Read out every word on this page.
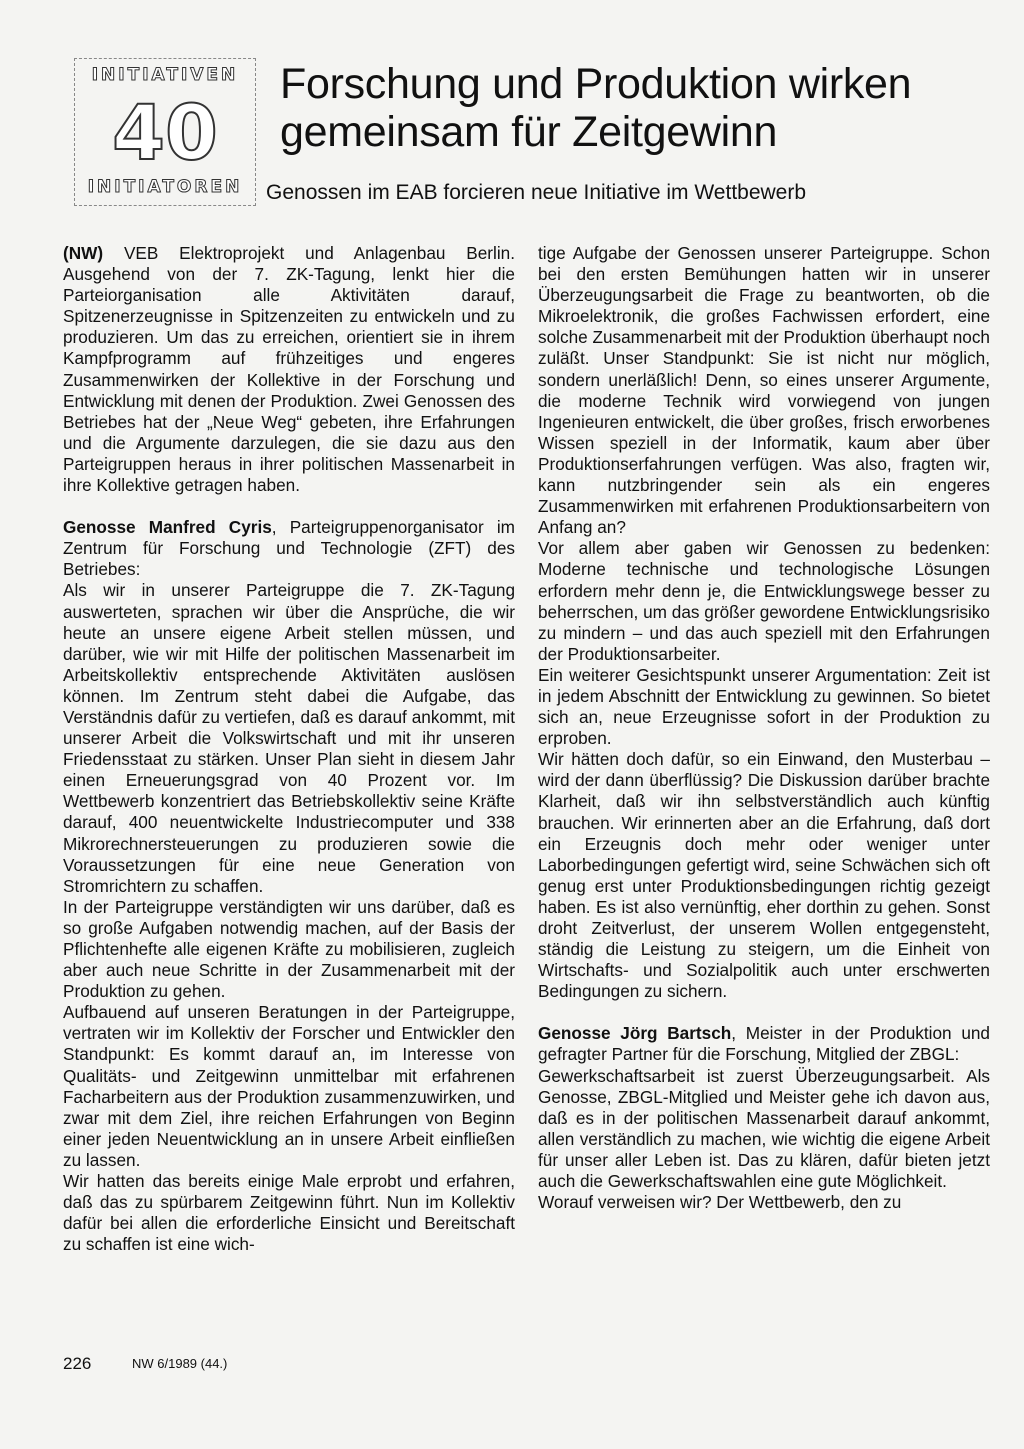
INITIATIVEN
40
INITIATOREN
Forschung und Produktion wirken
gemeinsam für Zeitgewinn

Genossen im EAB forcieren neue Initiative im Wettbewerb

(NW) VEB Elektroprojekt und Anlagenbau Berlin. Ausgehend von der 7. ZK-Tagung, lenkt hier die Parteiorganisation alle Aktivitäten darauf, Spitzenerzeugnisse in Spitzenzeiten zu entwickeln und zu produzieren. Um das zu erreichen, orientiert sie in ihrem Kampfprogramm auf frühzeitiges und engeres Zusammenwirken der Kollektive in der Forschung und Entwicklung mit denen der Produktion. Zwei Genossen des Betriebes hat der „Neue Weg“ gebeten, ihre Erfahrungen und die Argumente darzulegen, die sie dazu aus den Parteigruppen heraus in ihrer politischen Massenarbeit in ihre Kollektive getragen haben.

Genosse Manfred Cyris, Parteigruppenorganisator im Zentrum für Forschung und Technologie (ZFT) des Betriebes:

Als wir in unserer Parteigruppe die 7. ZK-Tagung auswerteten, sprachen wir über die Ansprüche, die wir heute an unsere eigene Arbeit stellen müssen, und darüber, wie wir mit Hilfe der politischen Massenarbeit im Arbeitskollektiv entsprechende Aktivitäten auslösen können. Im Zentrum steht dabei die Aufgabe, das Verständnis dafür zu vertiefen, daß es darauf ankommt, mit unserer Arbeit die Volkswirtschaft und mit ihr unseren Friedensstaat zu stärken. Unser Plan sieht in diesem Jahr einen Erneuerungsgrad von 40 Prozent vor. Im Wettbewerb konzentriert das Betriebskollektiv seine Kräfte darauf, 400 neuentwickelte Industriecomputer und 338 Mikrorechnersteuerungen zu produzieren sowie die Voraussetzungen für eine neue Generation von Stromrichtern zu schaffen.

In der Parteigruppe verständigten wir uns darüber, daß es so große Aufgaben notwendig machen, auf der Basis der Pflichtenhefte alle eigenen Kräfte zu mobilisieren, zugleich aber auch neue Schritte in der Zusammenarbeit mit der Produktion zu gehen.

Aufbauend auf unseren Beratungen in der Parteigruppe, vertraten wir im Kollektiv der Forscher und Entwickler den Standpunkt: Es kommt darauf an, im Interesse von Qualitäts- und Zeitgewinn unmittelbar mit erfahrenen Facharbeitern aus der Produktion zusammenzuwirken, und zwar mit dem Ziel, ihre reichen Erfahrungen von Beginn einer jeden Neuentwicklung an in unsere Arbeit einfließen zu lassen.

Wir hatten das bereits einige Male erprobt und erfahren, daß das zu spürbarem Zeitgewinn führt. Nun im Kollektiv dafür bei allen die erforderliche Einsicht und Bereitschaft zu schaffen ist eine wich-

tige Aufgabe der Genossen unserer Parteigruppe. Schon bei den ersten Bemühungen hatten wir in unserer Überzeugungsarbeit die Frage zu beantworten, ob die Mikroelektronik, die großes Fachwissen erfordert, eine solche Zusammenarbeit mit der Produktion überhaupt noch zuläßt. Unser Standpunkt: Sie ist nicht nur möglich, sondern unerläßlich! Denn, so eines unserer Argumente, die moderne Technik wird vorwiegend von jungen Ingenieuren entwickelt, die über großes, frisch erworbenes Wissen speziell in der Informatik, kaum aber über Produktionserfahrungen verfügen. Was also, fragten wir, kann nutzbringender sein als ein engeres Zusammenwirken mit erfahrenen Produktionsarbeitern von Anfang an?

Vor allem aber gaben wir Genossen zu bedenken: Moderne technische und technologische Lösungen erfordern mehr denn je, die Entwicklungswege besser zu beherrschen, um das größer gewordene Entwicklungsrisiko zu mindern – und das auch speziell mit den Erfahrungen der Produktionsarbeiter.

Ein weiterer Gesichtspunkt unserer Argumentation: Zeit ist in jedem Abschnitt der Entwicklung zu gewinnen. So bietet sich an, neue Erzeugnisse sofort in der Produktion zu erproben.

Wir hätten doch dafür, so ein Einwand, den Musterbau – wird der dann überflüssig? Die Diskussion darüber brachte Klarheit, daß wir ihn selbstverständlich auch künftig brauchen. Wir erinnerten aber an die Erfahrung, daß dort ein Erzeugnis doch mehr oder weniger unter Laborbedingungen gefertigt wird, seine Schwächen sich oft genug erst unter Produktionsbedingungen richtig gezeigt haben. Es ist also vernünftig, eher dorthin zu gehen. Sonst droht Zeitverlust, der unserem Wollen entgegensteht, ständig die Leistung zu steigern, um die Einheit von Wirtschafts- und Sozialpolitik auch unter erschwerten Bedingungen zu sichern.

Genosse Jörg Bartsch, Meister in der Produktion und gefragter Partner für die Forschung, Mitglied der ZBGL:

Gewerkschaftsarbeit ist zuerst Überzeugungsarbeit. Als Genosse, ZBGL-Mitglied und Meister gehe ich davon aus, daß es in der politischen Massenarbeit darauf ankommt, allen verständlich zu machen, wie wichtig die eigene Arbeit für unser aller Leben ist. Das zu klären, dafür bieten jetzt auch die Gewerkschaftswahlen eine gute Möglichkeit.

Worauf verweisen wir? Der Wettbewerb, den zu

226	NW 6/1989 (44.)
